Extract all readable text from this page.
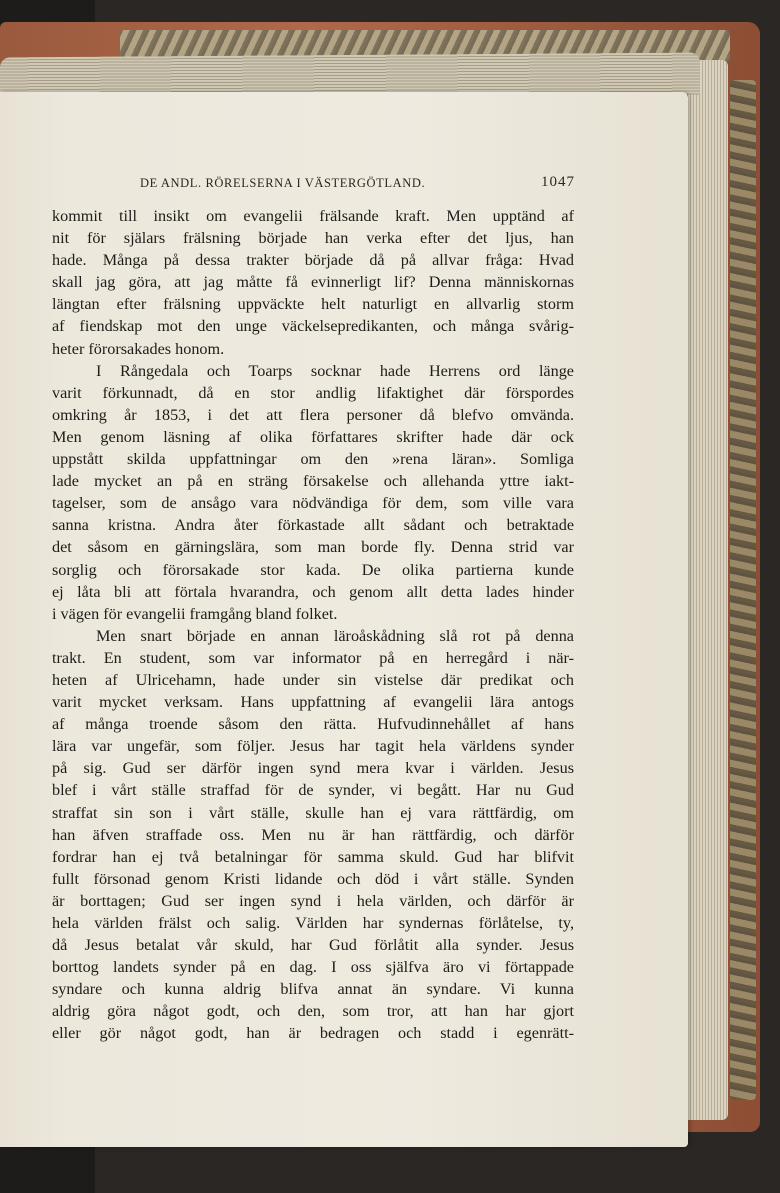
DE ANDL. RÖRELSERNA I VÄSTERGÖTLAND.	1047
kommit till insikt om evangelii frälsande kraft. Men upptänd af
nit för själars frälsning började han verka efter det ljus, han
hade. Många på dessa trakter började då på allvar fråga: Hvad
skall jag göra, att jag måtte få evinnerligt lif? Denna människornas
längtan efter frälsning uppväckte helt naturligt en allvarlig storm
af fiendskap mot den unge väckelsepredikanten, och många svårig-
heter förorsakades honom.
I Rångedala och Toarps socknar hade Herrens ord länge
varit förkunnadt, då en stor andlig lifaktighet där förspordes
omkring år 1853, i det att flera personer då blefvo omvända.
Men genom läsning af olika författares skrifter hade där ock
uppstått skilda uppfattningar om den »rena läran». Somliga
lade mycket an på en sträng försakelse och allehanda yttre iakt-
tagelser, som de ansågo vara nödvändiga för dem, som ville vara
sanna kristna. Andra åter förkastade allt sådant och betraktade
det såsom en gärningslära, som man borde fly. Denna strid var
sorglig och förorsakade stor kada. De olika partierna kunde
ej låta bli att förtala hvarandra, och genom allt detta lades hinder
i vägen för evangelii framgång bland folket.
Men snart började en annan läroåskådning slå rot på denna
trakt. En student, som var informator på en herregård i när-
heten af Ulricehamn, hade under sin vistelse där predikat och
varit mycket verksam. Hans uppfattning af evangelii lära antogs
af många troende såsom den rätta. Hufvudinnehållet af hans
lära var ungefär, som följer. Jesus har tagit hela världens synder
på sig. Gud ser därför ingen synd mera kvar i världen. Jesus
blef i vårt ställe straffad för de synder, vi begått. Har nu Gud
straffat sin son i vårt ställe, skulle han ej vara rättfärdig, om
han äfven straffade oss. Men nu är han rättfärdig, och därför
fordrar han ej två betalningar för samma skuld. Gud har blifvit
fullt försonad genom Kristi lidande och död i vårt ställe. Synden
är borttagen; Gud ser ingen synd i hela världen, och därför är
hela världen frälst och salig. Världen har syndernas förlåtelse, ty,
då Jesus betalat vår skuld, har Gud förlåtit alla synder. Jesus
borttog landets synder på en dag. I oss själfva äro vi förtappade
syndare och kunna aldrig blifva annat än syndare. Vi kunna
aldrig göra något godt, och den, som tror, att han har gjort
eller gör något godt, han är bedragen och stadd i egenrätt-
